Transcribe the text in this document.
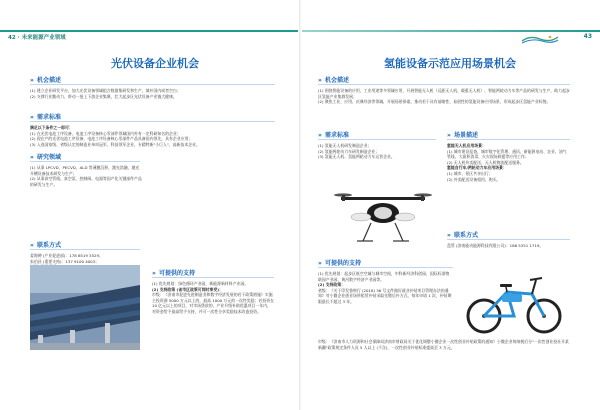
42 · 未来能源产业领域	43
光伏设备企业机会
» 机会描述

(1) 建立企业研发平台，加大光伏设备领域组合数据集研发和生产，填补国内或者空白；

(2) 支撑行业勤动力，带动一批上下游企业集聚，壮大起步区光伏设备产业链大健康。

» 需求标准

满足以下条件之一即可：

(1) 在光伏电池工序设备、电池工序设备核心零部件领域国内外有一定科研知名的企业；

(2) 现在产的光伏电池工序设备、电池工序设备核心零部件产品具备国内领先，具有企业应用；

(3) 入选国家级、省级认定的制造业单项冠军、科技领军企业、专精特新"小巨人"、高新技术企业。

» 研究领域

(1) 从事 LPCVD、PECVD、ALD 等薄膜沉积、激光消融、激光开槽设备技术研发与生产；

(2) 从事真空管线、真空泵、控制阀、电器等国产化关键部件产品的研发与生产。

» 联系方式

姜海骋 (产业促进部)：178 6519 5529；

朱伯昌 (重要支持)：137 9100 4003；

» 可提供的支持

(1) 优先规划：绿色循环产业园，新能源新材料产业园。

(2) 支持政策 (省市区政策可同时享受)：

市级：《济南市促进先进制造业和数字经济发展的若干政策措施》实施主投资满 5000 万元以上的，最高 1000 万元的一次性奖励；若投资在 10 亿元以上的项目，对市场贷款的，产业升级补助优惠项目一年内，对资金给予最高给予支持，并可一次性分享奖励技术改造投资。

氢能设备示范应用场景机会
» 机会描述

(1) 围绕智能设备的应用，工业用途等多领域应用，开展智能无人机（远距无人机、载重无人机）、智能两轮动力车等产品的研发与生产，助力起步区氢能产业集群发展；

(2) 聚焦工业、应用、庆典经济等领域，开展场景探索，推动若干具有前瞻性、易创性的氢能设备应用场景，形成起步区氢能产业标签。

» 需求标准

(1) 氢能无人机研发制造企业；

(2) 氢能两轮动力车研发制造企业；

(3) 氢能无人机、氢能两轮动力车运营企业。

» 场景描述

氢能无人机应用场景：

(1) 城市建设巡查，城市数字化管理、通讯、新能源电站、农业、油气管线、大面积消毒、火灾现场救援等应用工作；

(2) 无人机外卖配送、无人机物流配送服务。

氢能自行车/两轮动力车应用场景：

(1) 城市、景区共享出行；

(2) 外卖配送设备租用、购买。

» 联系方式

盘管 (济南能动能源科技有限公司)：186 5351 1719。

» 可提供的支持

(1) 优先规划：起步区低空空域与城市空间，中科新经济科创园、国际标准物联园产业园、黄河数字经济产业园等。

(2) 支持政策：

省级：《关于印发鲁财行 (2018) 36 号文件做好就业补贴项目管理办法的通知》对小微企业创业场所租赁补贴采取先缴后补方式，每年申请 1 次，补贴期限最长不超过 3 年。

市级：《济南市人力资源和社会保障局济南市财政局关于优化调整小微企业一次性创业补贴政策的通知》小微企业每纳税后分"一次性创业投社开某新疆"政策规定条件人员 5 人以上 (不含)，一次性创业补贴标准提高至 3 万元。
